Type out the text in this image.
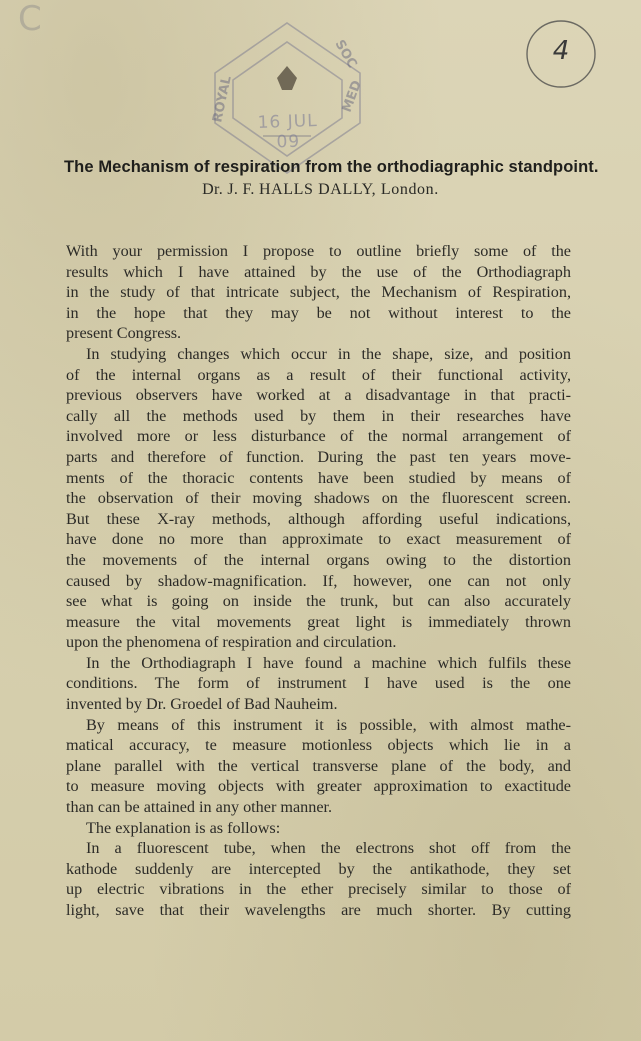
C
ROYAL
SOC
MED
16 JUL 09
4
The Mechanism of respiration from the orthodiagraphic standpoint.
Dr. J. F. HALLS DALLY, London.
With your permission I propose to outline briefly some of the
results which I have attained by the use of the Orthodiagraph
in the study of that intricate subject, the Mechanism of Respiration,
in the hope that they may be not without interest to the
present Congress.
In studying changes which occur in the shape, size, and position
of the internal organs as a result of their functional activity,
previous observers have worked at a disadvantage in that practi-
cally all the methods used by them in their researches have
involved more or less disturbance of the normal arrangement of
parts and therefore of function. During the past ten years move-
ments of the thoracic contents have been studied by means of
the observation of their moving shadows on the fluorescent screen.
But these X-ray methods, although affording useful indications,
have done no more than approximate to exact measurement of
the movements of the internal organs owing to the distortion
caused by shadow-magnification. If, however, one can not only
see what is going on inside the trunk, but can also accurately
measure the vital movements great light is immediately thrown
upon the phenomena of respiration and circulation.
In the Orthodiagraph I have found a machine which fulfils these
conditions. The form of instrument I have used is the one
invented by Dr. Groedel of Bad Nauheim.
By means of this instrument it is possible, with almost mathe-
matical accuracy, te measure motionless objects which lie in a
plane parallel with the vertical transverse plane of the body, and
to measure moving objects with greater approximation to exactitude
than can be attained in any other manner.
The explanation is as follows:
In a fluorescent tube, when the electrons shot off from the
kathode suddenly are intercepted by the antikathode, they set
up electric vibrations in the ether precisely similar to those of
light, save that their wavelengths are much shorter. By cutting
